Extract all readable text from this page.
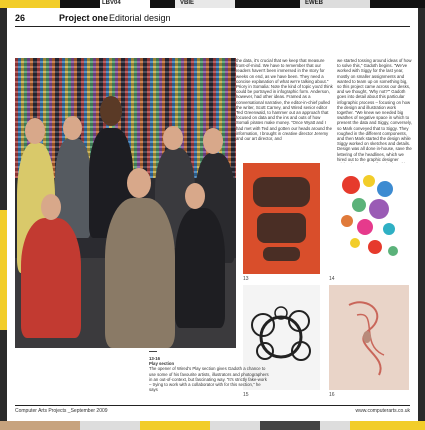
LBV04	VBIE	EWEB
26	Project one Editorial design

the data, it's crucial that we keep that measure front-of-mind. We have to remember that our readers haven't been immersed in the story for weeks on end, as we have been. They need a concise explanation of what we're talking about." Priory in Somalia: Note the kind of topic you'd think could be portrayed in infographic form. Anderson, however, had other ideas. Framed as a conversational narrative, the editor-in-chief pulled the writer, Scott Carney, and Wired senior editor Ted Greenwald, to hammer out an approach that focused on data and the ins and outs of how Somali pirates make money. "Once Wyatt and I had met with Ted and gotten our heads around the information, I brought in creative director Jeremy and our art director, and

we started tossing around ideas of how to solve this," Gadoth begins. "We've worked with Siggy for the last year, mostly on smaller assignments and wanted to team up on something big, so this project came across our desks, and we thought, 'Why not?'" Gadoth goes into detail about this particular infographic process – focusing on how the design and illustration work together. "We knew we needed big swathes of negative space in which to present the data and Siggy, conversely, so Mark conveyed that to Siggy. They roughed in the different components, and then Mark started the design while Siggy worked on sketches and details. Design was all done in-house, save the lettering of the headlines, which we hired out to the graphic designer

13	14
15	16
13-16
Play section
The opener of Wired's Play section gives Gadoth a chance to use some of his favourite artists, illustrators and photographers in an out-of-context, but fascinating way. "It's strictly fake-work – trying to work with a collaborator with for this section," he says
Computer Arts Projects _September 2009	www.computerarts.co.uk
